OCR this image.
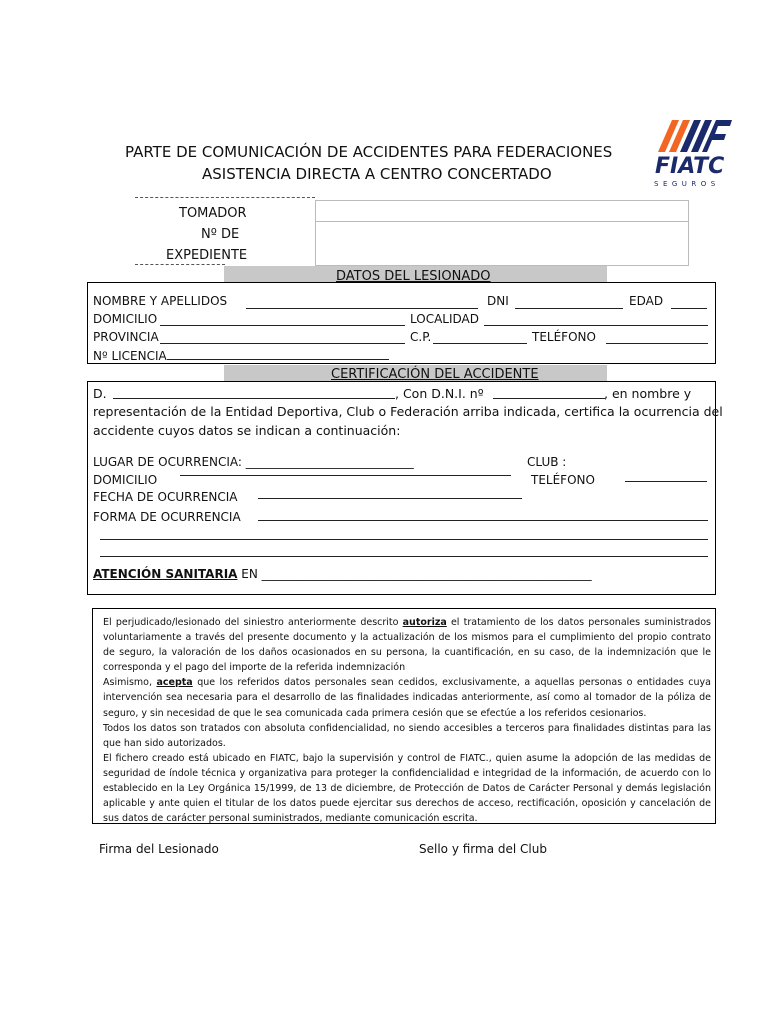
PARTE DE COMUNICACIÓN DE ACCIDENTES PARA FEDERACIONES
ASISTENCIA DIRECTA A CENTRO CONCERTADO	FIATC
SEGUROS
TOMADOR
Nº DE
EXPEDIENTE
DATOS DEL LESIONADO
NOMBRE Y APELLIDOS	DNI	EDAD
DOMICILIO	LOCALIDAD
PROVINCIA	C.P.	TELÉFONO
Nº LICENCIA
CERTIFICACIÓN DEL ACCIDENTE
D.	, Con D.N.I. nº	, en nombre y
representación de la Entidad Deportiva, Club o Federación arriba indicada, certifica la ocurrencia del
accidente cuyos datos se indican a continuación:
LUGAR DE OCURRENCIA: ____________________________	CLUB :
DOMICILIO	TELÉFONO
FECHA DE OCURRENCIA
FORMA DE OCURRENCIA
ATENCIÓN SANITARIA EN _______________________________________________________

El perjudicado/lesionado del siniestro anteriormente descrito autoriza el tratamiento de los datos personales suministrados voluntariamente a través del presente documento y la actualización de los mismos para el cumplimiento del propio contrato de seguro, la valoración de los daños ocasionados en su persona, la cuantificación, en su caso, de la indemnización que le corresponda y el pago del importe de la referida indemnización

Asimismo, acepta que los referidos datos personales sean cedidos, exclusivamente, a aquellas personas o entidades cuya intervención sea necesaria para el desarrollo de las finalidades indicadas anteriormente, así como al tomador de la póliza de seguro, y sin necesidad de que le sea comunicada cada primera cesión que se efectúe a los referidos cesionarios.

Todos los datos son tratados con absoluta confidencialidad, no siendo accesibles a terceros para finalidades distintas para las que han sido autorizados.

El fichero creado está ubicado en FIATC, bajo la supervisión y control de FIATC., quien asume la adopción de las medidas de seguridad de índole técnica y organizativa para proteger la confidencialidad e integridad de la información, de acuerdo con lo establecido en la Ley Orgánica 15/1999, de 13 de diciembre, de Protección de Datos de Carácter Personal y demás legislación aplicable y ante quien el titular de los datos puede ejercitar sus derechos de acceso, rectificación, oposición y cancelación de sus datos de carácter personal suministrados, mediante comunicación escrita.

Firma del Lesionado	Sello y firma del Club
